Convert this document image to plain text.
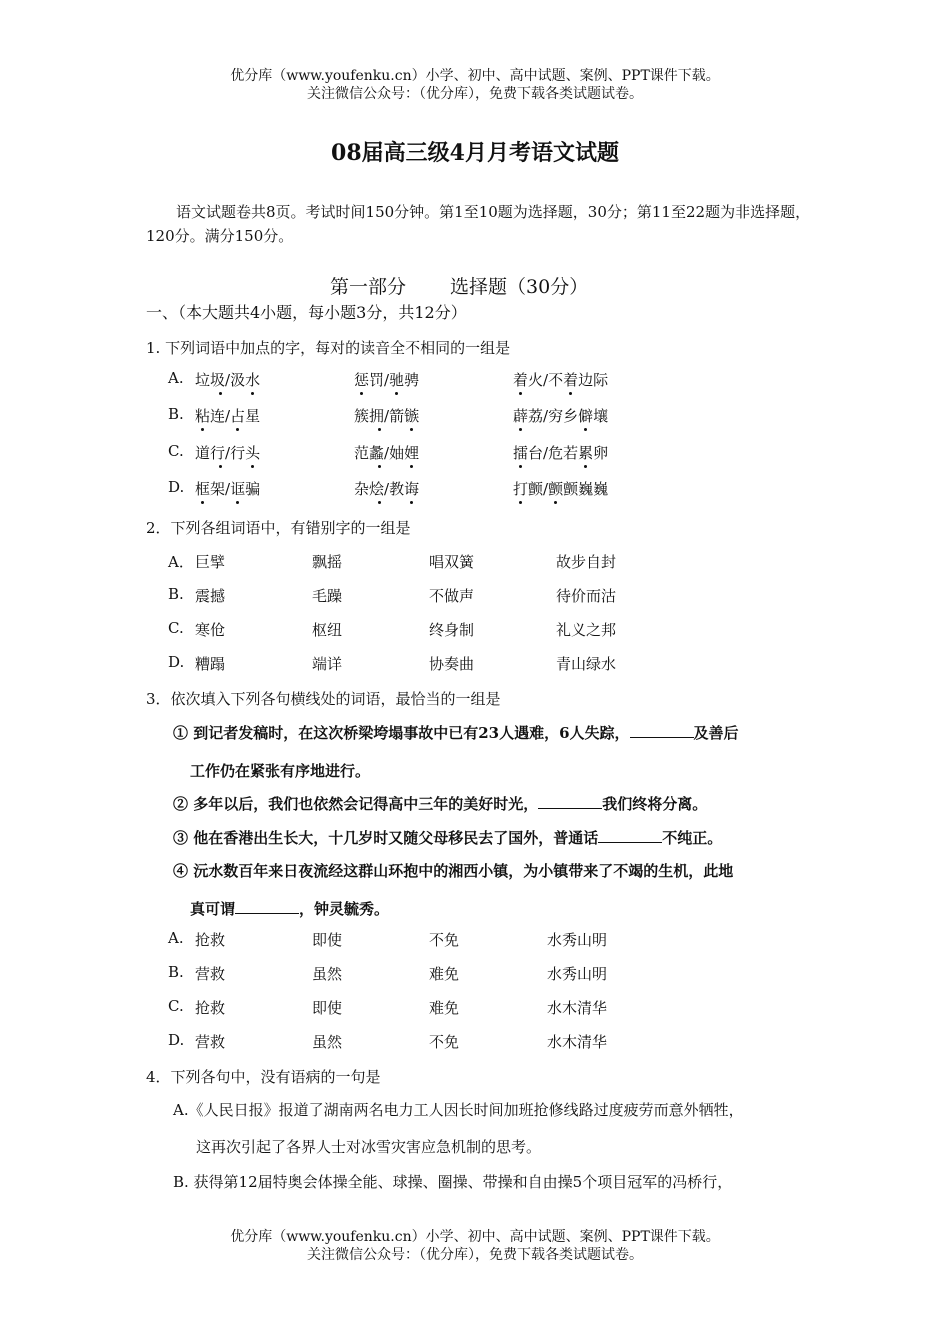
优分库（www.youfenku.cn）小学、初中、高中试题、案例、PPT课件下载。
关注微信公众号：（优分库），免费下载各类试题试卷。
08届高三级4月月考语文试题
语文试题卷共8页。考试时间150分钟。第1至10题为选择题，30分；第11至22题为非选择题，120分。满分150分。
第一部分 选择题（30分）
一、（本大题共4小题，每小题3分，共12分）
1. 下列词语中加点的字，每对的读音全不相同的一组是
A. 垃圾/汲水	惩罚/驰骋	着火/不着边际
B. 粘连/占星	簇拥/箭镞	薜荔/穷乡僻壤
C. 道行/行头	范蠡/妯娌	擂台/危若累卵
D. 框架/诓骗	杂烩/教诲	打颤/颤颤巍巍
2．下列各组词语中，有错别字的一组是
A． 巨擘	飘摇	唱双簧	故步自封
B. 震撼	毛躁	不做声	待价而沽
C. 寒伧	枢纽	终身制	礼义之邦
D. 糟蹋	端详	协奏曲	青山绿水
3．依次填入下列各句横线处的词语，最恰当的一组是
① 到记者发稿时，在这次桥梁垮塌事故中已有23人遇难，6人失踪，	及善后
工作仍在紧张有序地进行。
② 多年以后，我们也依然会记得高中三年的美好时光，	我们终将分离。
③ 他在香港出生长大，十几岁时又随父母移民去了国外，普通话	不纯正。
④ 沅水数百年来日夜流经这群山环抱中的湘西小镇，为小镇带来了不竭的生机，此地
真可谓	，钟灵毓秀。
A. 抢救	即使	不免	水秀山明
B. 营救	虽然	难免	水秀山明
C. 抢救	即使	难免	水木清华
D. 营救	虽然	不免	水木清华
4．下列各句中，没有语病的一句是
A.《人民日报》报道了湖南两名电力工人因长时间加班抢修线路过度疲劳而意外牺牲，
这再次引起了各界人士对冰雪灾害应急机制的思考。
B. 获得第12届特奥会体操全能、球操、圈操、带操和自由操5个项目冠军的冯桥行，
优分库（www.youfenku.cn）小学、初中、高中试题、案例、PPT课件下载。
关注微信公众号：（优分库），免费下载各类试题试卷。
